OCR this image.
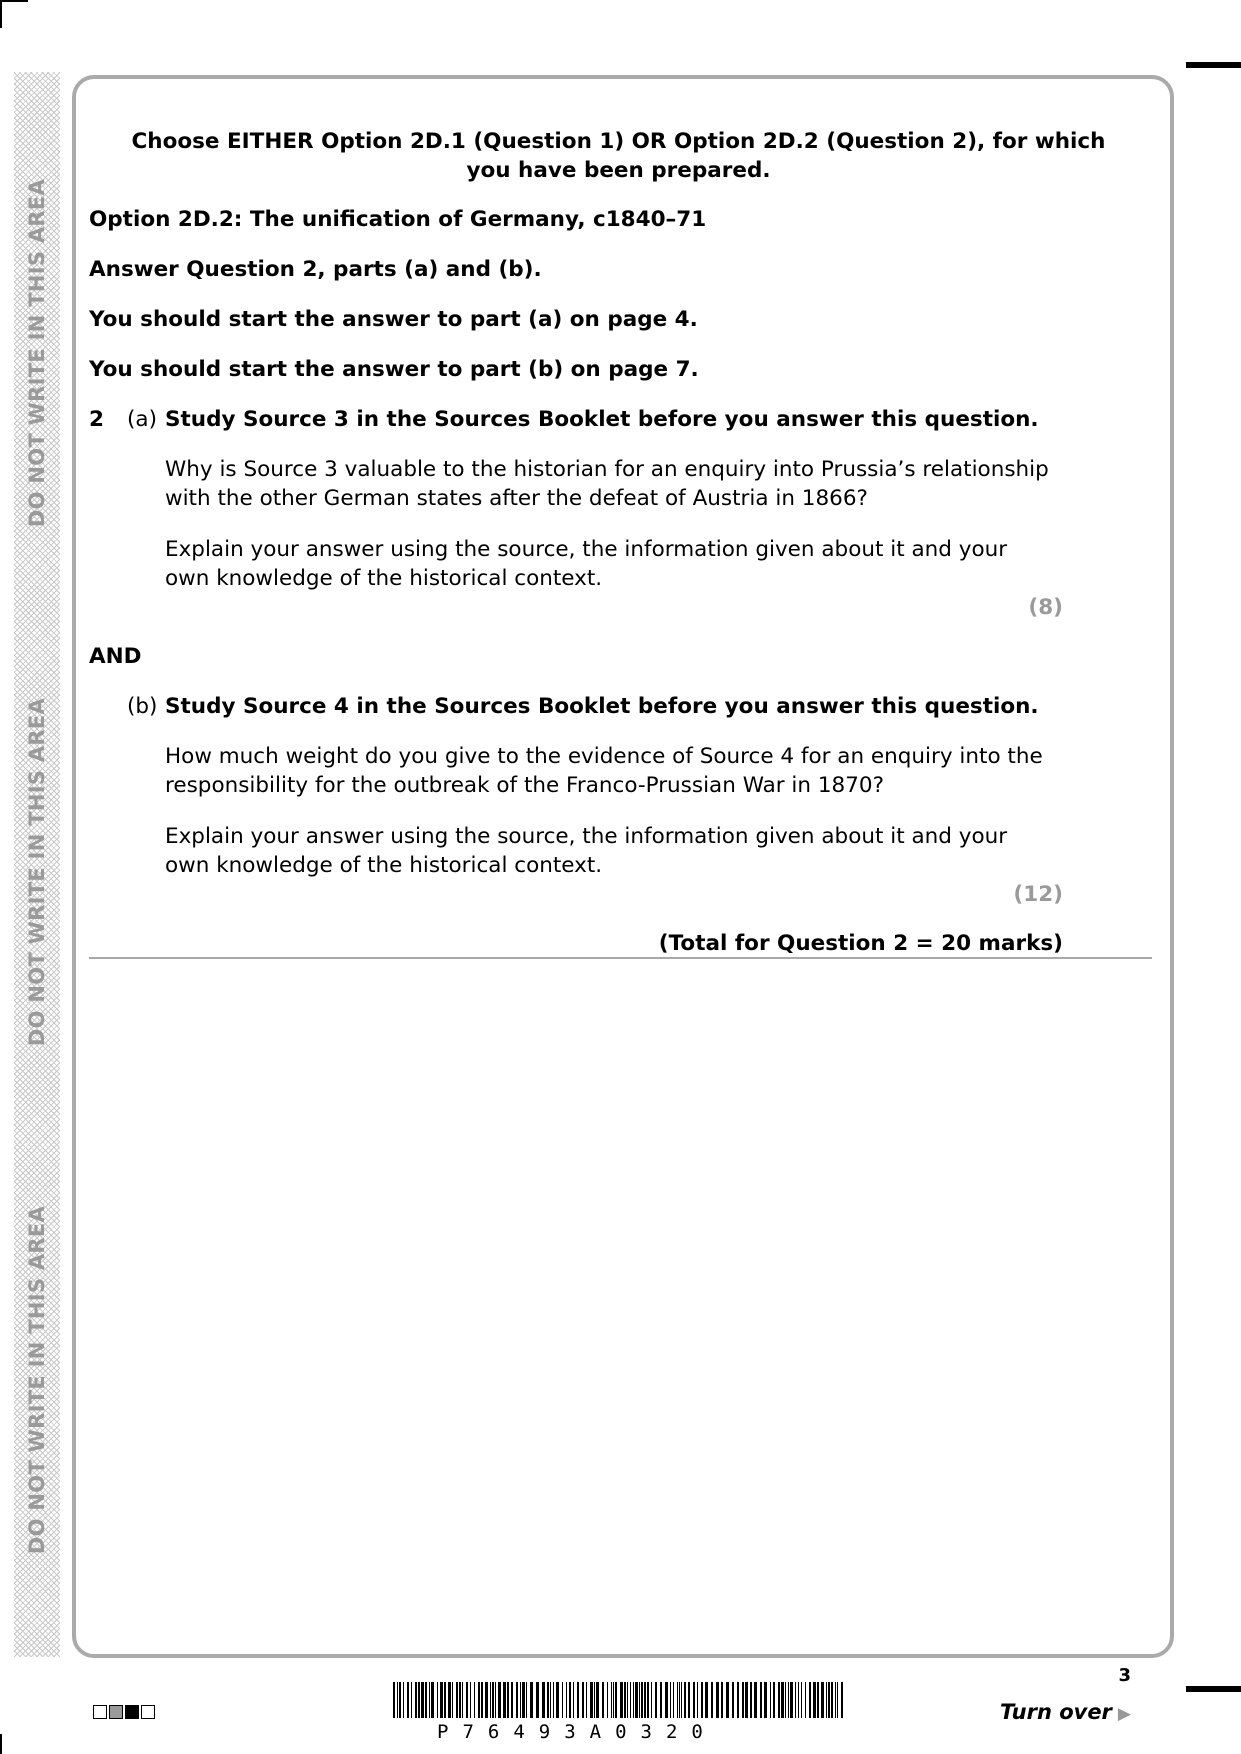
DO NOT WRITE IN THIS AREA
DO NOT WRITE IN THIS AREA
DO NOT WRITE IN THIS AREA
Choose EITHER Option 2D.1 (Question 1) OR Option 2D.2 (Question 2), for which
you have been prepared.
Option 2D.2: The unification of Germany, c1840–71
Answer Question 2, parts (a) and (b).
You should start the answer to part (a) on page 4.
You should start the answer to part (b) on page 7.
2 (a) Study Source 3 in the Sources Booklet before you answer this question.
Why is Source 3 valuable to the historian for an enquiry into Prussia’s relationship
with the other German states after the defeat of Austria in 1866?
Explain your answer using the source, the information given about it and your
own knowledge of the historical context.
(8)
AND
(b) Study Source 4 in the Sources Booklet before you answer this question.
How much weight do you give to the evidence of Source 4 for an enquiry into the
responsibility for the outbreak of the Franco-Prussian War in 1870?
Explain your answer using the source, the information given about it and your
own knowledge of the historical context.
(12)
(Total for Question 2 = 20 marks)
P76493A0320
3
Turn over ▶
